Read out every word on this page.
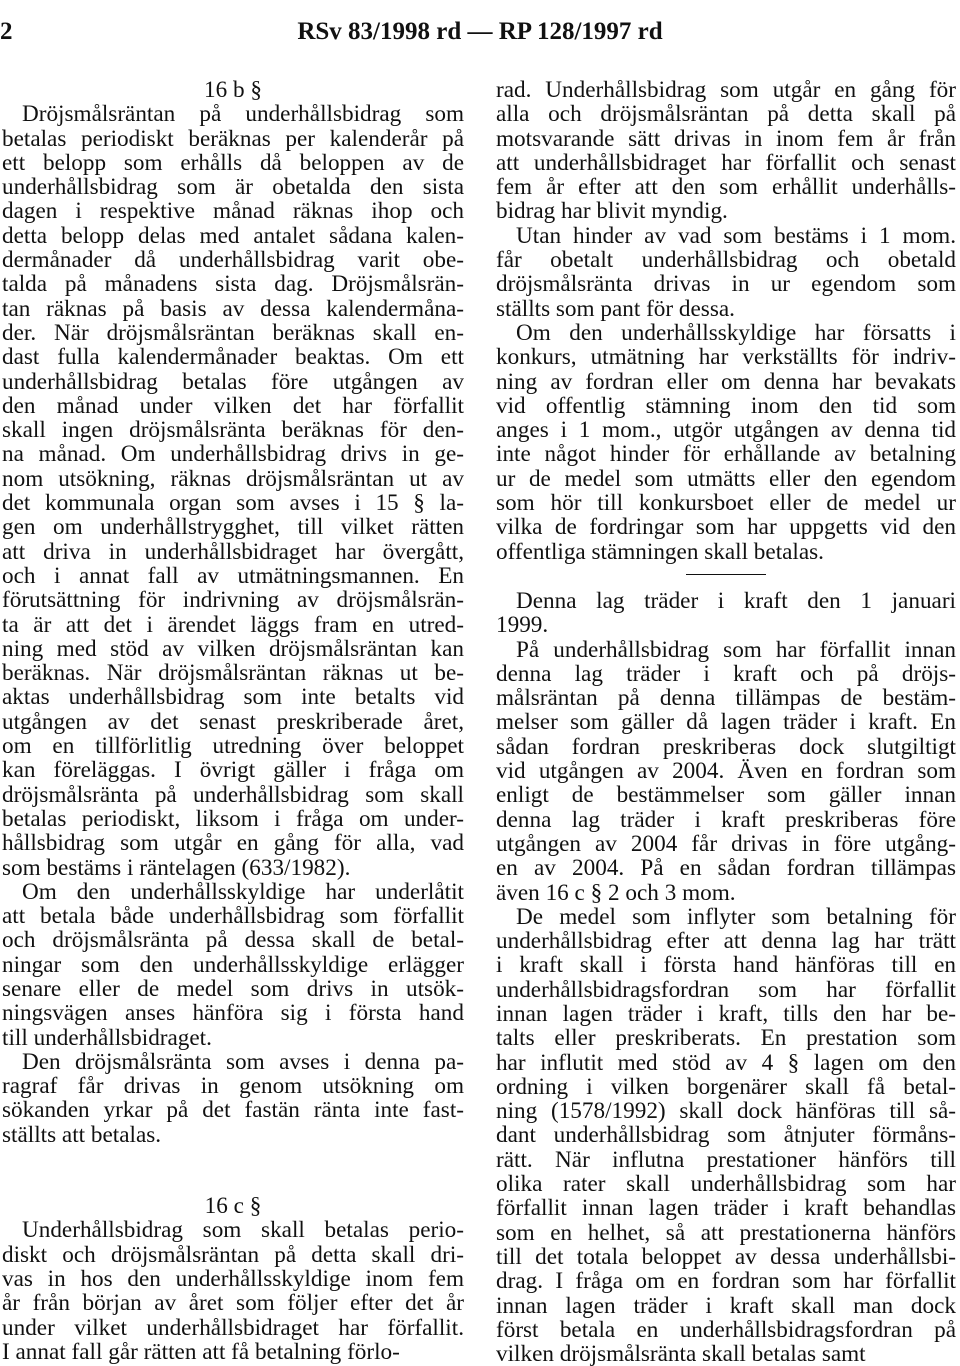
2	RSv 83/1998 rd — RP 128/1997 rd
16 b §
Dröjsmålsräntan på underhållsbidrag som
betalas periodiskt beräknas per kalenderår på
ett belopp som erhålls då beloppen av de
underhållsbidrag som är obetalda den sista
dagen i respektive månad räknas ihop och
detta belopp delas med antalet sådana kalen-
dermånader då underhållsbidrag varit obe-
talda på månadens sista dag. Dröjsmålsrän-
tan räknas på basis av dessa kalendermåna-
der. När dröjsmålsräntan beräknas skall en-
dast fulla kalendermånader beaktas. Om ett
underhållsbidrag betalas före utgången av
den månad under vilken det har förfallit
skall ingen dröjsmålsränta beräknas för den-
na månad. Om underhållsbidrag drivs in ge-
nom utsökning, räknas dröjsmålsräntan ut av
det kommunala organ som avses i 15 § la-
gen om underhållstrygghet, till vilket rätten
att driva in underhållsbidraget har övergått,
och i annat fall av utmätningsmannen. En
förutsättning för indrivning av dröjsmålsrän-
ta är att det i ärendet läggs fram en utred-
ning med stöd av vilken dröjsmålsräntan kan
beräknas. När dröjsmålsräntan räknas ut be-
aktas underhållsbidrag som inte betalts vid
utgången av det senast preskriberade året,
om en tillförlitlig utredning över beloppet
kan föreläggas. I övrigt gäller i fråga om
dröjsmålsränta på underhållsbidrag som skall
betalas periodiskt, liksom i fråga om under-
hållsbidrag som utgår en gång för alla, vad
som bestäms i räntelagen (633/1982).
Om den underhållsskyldige har underlåtit
att betala både underhållsbidrag som förfallit
och dröjsmålsränta på dessa skall de betal-
ningar som den underhållsskyldige erlägger
senare eller de medel som drivs in utsök-
ningsvägen anses hänföra sig i första hand
till underhållsbidraget.
Den dröjsmålsränta som avses i denna pa-
ragraf får drivas in genom utsökning om
sökanden yrkar på det fastän ränta inte fast-
ställts att betalas.
16 c §
Underhållsbidrag som skall betalas perio-
diskt och dröjsmålsräntan på detta skall dri-
vas in hos den underhållsskyldige inom fem
år från början av året som följer efter det år
under vilket underhållsbidraget har förfallit.
I annat fall går rätten att få betalning förlo-
rad. Underhållsbidrag som utgår en gång för
alla och dröjsmålsräntan på detta skall på
motsvarande sätt drivas in inom fem år från
att underhållsbidraget har förfallit och senast
fem år efter att den som erhållit underhålls-
bidrag har blivit myndig.
Utan hinder av vad som bestäms i 1 mom.
får obetalt underhållsbidrag och obetald
dröjsmålsränta drivas in ur egendom som
ställts som pant för dessa.
Om den underhållsskyldige har försatts i
konkurs, utmätning har verkställts för indriv-
ning av fordran eller om denna har bevakats
vid offentlig stämning inom den tid som
anges i 1 mom., utgör utgången av denna tid
inte något hinder för erhållande av betalning
ur de medel som utmätts eller den egendom
som hör till konkursboet eller de medel ur
vilka de fordringar som har uppgetts vid den
offentliga stämningen skall betalas.
Denna lag träder i kraft den 1 januari
1999.
På underhållsbidrag som har förfallit innan
denna lag träder i kraft och på dröjs-
målsräntan på denna tillämpas de bestäm-
melser som gäller då lagen träder i kraft. En
sådan fordran preskriberas dock slutgiltigt
vid utgången av 2004. Även en fordran som
enligt de bestämmelser som gäller innan
denna lag träder i kraft preskriberas före
utgången av 2004 får drivas in före utgång-
en av 2004. På en sådan fordran tillämpas
även 16 c § 2 och 3 mom.
De medel som inflyter som betalning för
underhållsbidrag efter att denna lag har trätt
i kraft skall i första hand hänföras till en
underhållsbidragsfordran som har förfallit
innan lagen träder i kraft, tills den har be-
talts eller preskriberats. En prestation som
har influtit med stöd av 4 § lagen om den
ordning i vilken borgenärer skall få betal-
ning (1578/1992) skall dock hänföras till så-
dant underhållsbidrag som åtnjuter förmåns-
rätt. När influtna prestationer hänförs till
olika rater skall underhållsbidrag som har
förfallit innan lagen träder i kraft behandlas
som en helhet, så att prestationerna hänförs
till det totala beloppet av dessa underhållsbi-
drag. I fråga om en fordran som har förfallit
innan lagen träder i kraft skall man dock
först betala en underhållsbidragsfordran på
vilken dröjsmålsränta skall betalas samt
